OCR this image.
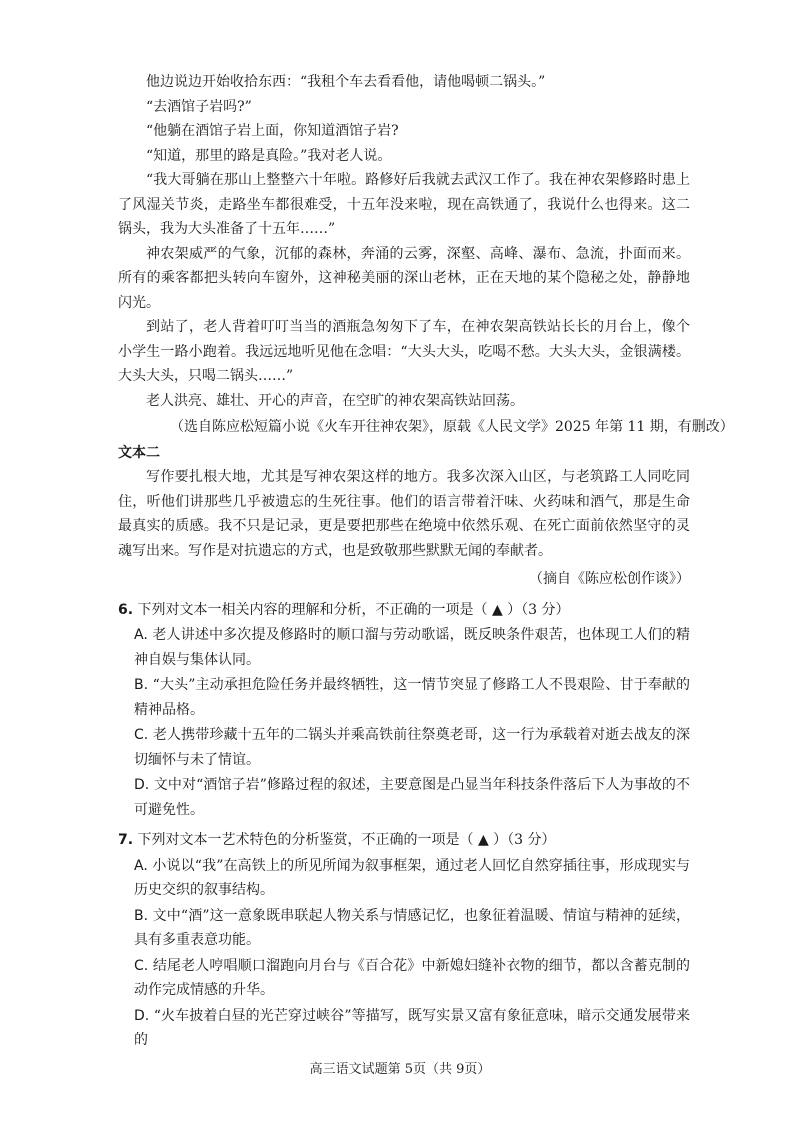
他边说边开始收拾东西：“我租个车去看看他，请他喝顿二锅头。”

“去酒馆子岩吗?”

“他躺在酒馆子岩上面，你知道酒馆子岩?

“知道，那里的路是真险。”我对老人说。

“我大哥躺在那山上整整六十年啦。路修好后我就去武汉工作了。我在神农架修路时患上了风湿关节炎，走路坐车都很难受，十五年没来啦，现在高铁通了，我说什么也得来。这二锅头，我为大头准备了十五年……”

神农架威严的气象，沉郁的森林，奔涌的云雾，深壑、高峰、瀑布、急流，扑面而来。所有的乘客都把头转向车窗外，这神秘美丽的深山老林，正在天地的某个隐秘之处，静静地闪光。

到站了，老人背着叮叮当当的酒瓶急匆匆下了车，在神农架高铁站长长的月台上，像个小学生一路小跑着。我远远地听见他在念唱：“大头大头，吃喝不愁。大头大头，金银满楼。大头大头，只喝二锅头……”

老人洪亮、雄壮、开心的声音，在空旷的神农架高铁站回荡。

（选自陈应松短篇小说《火车开往神农架》，原载《人民文学》2025 年第 11 期，有删改）

文本二

写作要扎根大地，尤其是写神农架这样的地方。我多次深入山区，与老筑路工人同吃同住，听他们讲那些几乎被遗忘的生死往事。他们的语言带着汗味、火药味和酒气，那是生命最真实的质感。我不只是记录，更是要把那些在绝境中依然乐观、在死亡面前依然坚守的灵魂写出来。写作是对抗遗忘的方式，也是致敬那些默默无闻的奉献者。

（摘自《陈应松创作谈》）

6. 下列对文本一相关内容的理解和分析，不正确的一项是（ ▲ ）（3 分）

A. 老人讲述中多次提及修路时的顺口溜与劳动歌谣，既反映条件艰苦，也体现工人们的精神自娱与集体认同。

B. “大头”主动承担危险任务并最终牺牲，这一情节突显了修路工人不畏艰险、甘于奉献的精神品格。

C. 老人携带珍藏十五年的二锅头并乘高铁前往祭奠老哥，这一行为承载着对逝去战友的深切缅怀与未了情谊。

D. 文中对“酒馆子岩”修路过程的叙述，主要意图是凸显当年科技条件落后下人为事故的不可避免性。

7. 下列对文本一艺术特色的分析鉴赏，不正确的一项是（ ▲ ）（3 分）

A. 小说以“我”在高铁上的所见所闻为叙事框架，通过老人回忆自然穿插往事，形成现实与历史交织的叙事结构。

B. 文中“酒”这一意象既串联起人物关系与情感记忆，也象征着温暖、情谊与精神的延续，具有多重表意功能。

C. 结尾老人哼唱顺口溜跑向月台与《百合花》中新媳妇缝补衣物的细节，都以含蓄克制的动作完成情感的升华。

D. “火车披着白昼的光芒穿过峡谷”等描写，既写实景又富有象征意味，暗示交通发展带来的

高三语文试题第 5页（共 9页）
